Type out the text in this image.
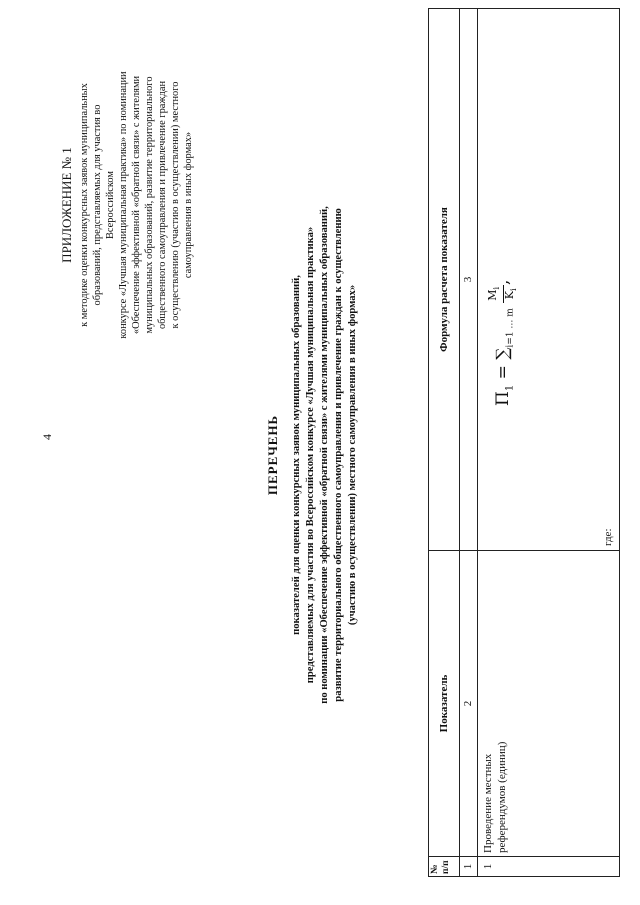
4
ПРИЛОЖЕНИЕ № 1 к методике оценки конкурсных заявок муниципальных образований, представляемых для участия во Всероссийском конкурсе «Лучшая муниципальная практика» по номинации «Обеспечение эффективной «обратной связи» с жителями муниципальных образований, развитие территориального общественного самоуправления и привлечение граждан к осуществлению (участию в осуществлении) местного самоуправления в иных формах»
ПЕРЕЧЕНЬ показателей для оценки конкурсных заявок муниципальных образований, представляемых для участия во Всероссийском конкурсе «Лучшая муниципальная практика» по номинации «Обеспечение эффективной «обратной связи» с жителями муниципальных образований, развитие территориального общественного самоуправления и привлечение граждан к осуществлению (участию в осуществлении) местного самоуправления в иных формах»
№ п/п
Показатель
Формула расчета показателя
1
2
3
1
Проведение местных референдумов (единиц)
$П_1 = \sum_{i=1 \dots m}$
$M_i$
$K_i$
,
где:
